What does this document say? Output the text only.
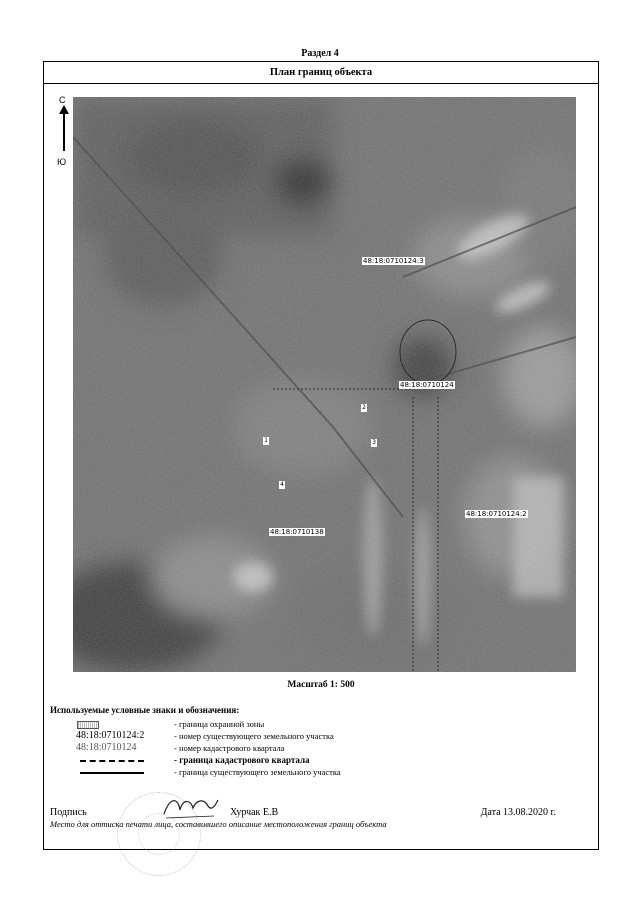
Раздел 4
План границ объекта
С
Ю
48:18:0710124:3
48:18:0710124
48:18:0710124:2
48:18:0710138
2
3
1
4
Масштаб 1: 500
Используемые условные знаки и обозначения:
- граница охранной зоны
48:18:0710124:2	- номер существующего земельного участка
48:18:0710124	- номер кадастрового квартала
- граница кадастрового квартала
- граница существующего земельного участка
Подпись	Хурчак Е.В	Дата 13.08.2020 г.
Место для оттиска печати лица, составившего описание местоположения границ объекта
